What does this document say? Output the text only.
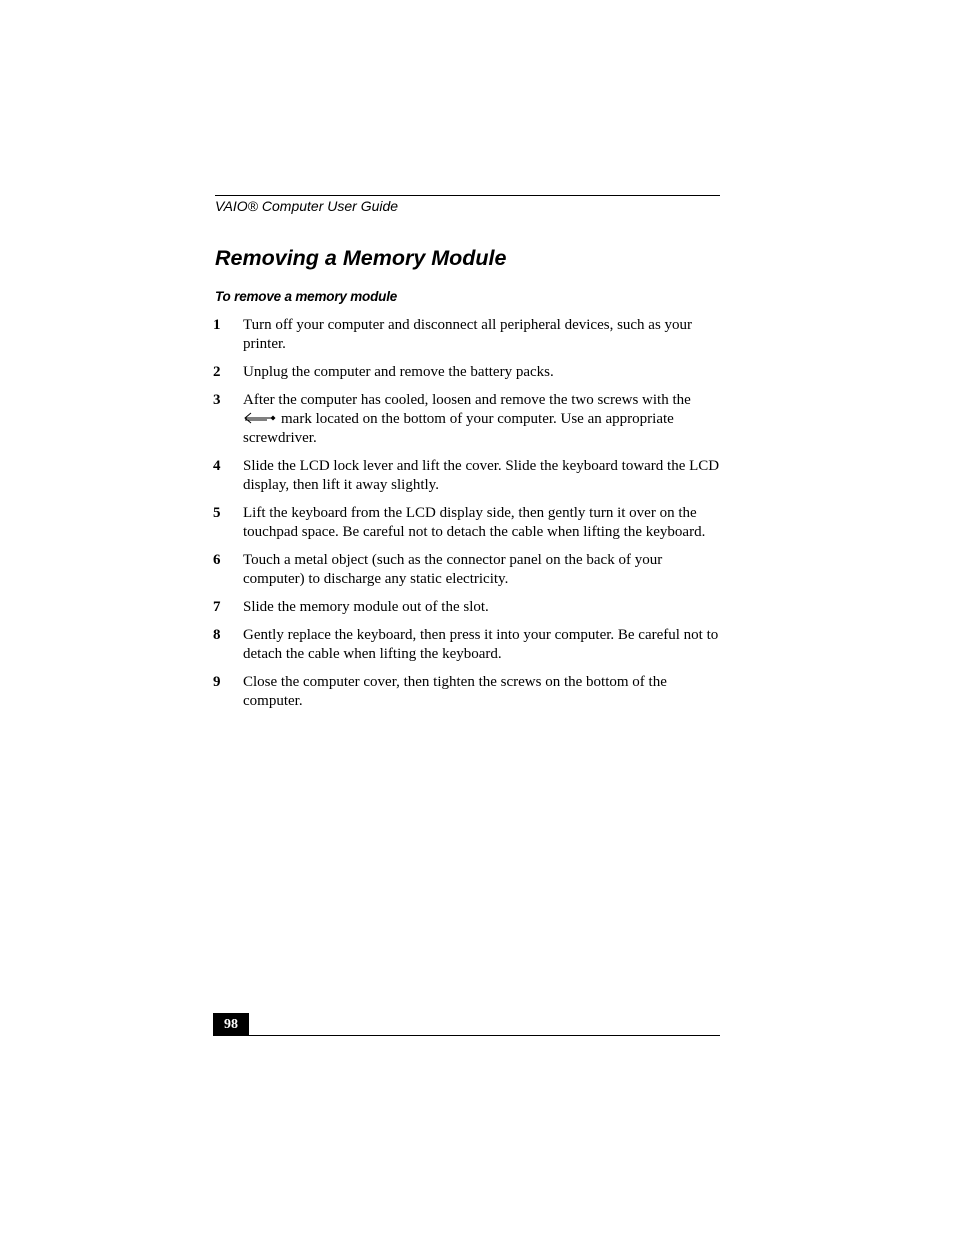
VAIO® Computer User Guide
Removing a Memory Module
To remove a memory module
1 Turn off your computer and disconnect all peripheral devices, such as your printer.
2 Unplug the computer and remove the battery packs.
3 After the computer has cooled, loosen and remove the two screws with the
mark located on the bottom of your computer. Use an appropriate screwdriver.
4 Slide the LCD lock lever and lift the cover. Slide the keyboard toward the LCD display, then lift it away slightly.
5 Lift the keyboard from the LCD display side, then gently turn it over on the touchpad space. Be careful not to detach the cable when lifting the keyboard.
6 Touch a metal object (such as the connector panel on the back of your computer) to discharge any static electricity.
7 Slide the memory module out of the slot.
8 Gently replace the keyboard, then press it into your computer. Be careful not to detach the cable when lifting the keyboard.
9 Close the computer cover, then tighten the screws on the bottom of the computer.
98
